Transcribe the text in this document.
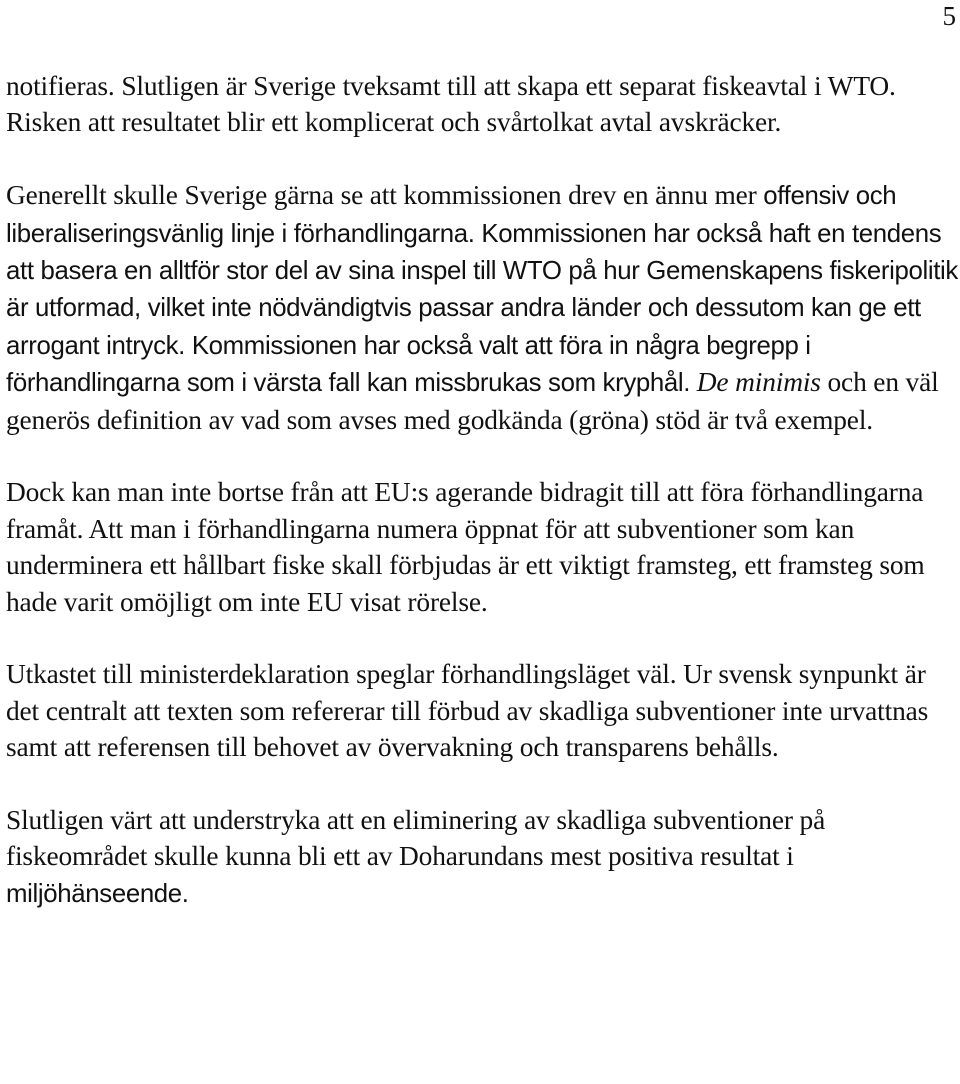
5

notifieras. Slutligen är Sverige tveksamt till att skapa ett separat fiskeavtal i WTO. Risken att resultatet blir ett komplicerat och svårtolkat avtal avskräcker.

Generellt skulle Sverige gärna se att kommissionen drev en ännu mer offensiv och liberaliseringsvänlig linje i förhandlingarna. Kommissionen har också haft en tendens att basera en alltför stor del av sina inspel till WTO på hur Gemenskapens fiskeripolitik är utformad, vilket inte nödvändigtvis passar andra länder och dessutom kan ge ett arrogant intryck. Kommissionen har också valt att föra in några begrepp i förhandlingarna som i värsta fall kan missbrukas som kryphål. De minimis och en väl generös definition av vad som avses med godkända (gröna) stöd är två exempel.

Dock kan man inte bortse från att EU:s agerande bidragit till att föra förhandlingarna framåt. Att man i förhandlingarna numera öppnat för att subventioner som kan underminera ett hållbart fiske skall förbjudas är ett viktigt framsteg, ett framsteg som hade varit omöjligt om inte EU visat rörelse.

Utkastet till ministerdeklaration speglar förhandlingsläget väl. Ur svensk synpunkt är det centralt att texten som refererar till förbud av skadliga subventioner inte urvattnas samt att referensen till behovet av övervakning och transparens behålls.

Slutligen värt att understryka att en eliminering av skadliga subventioner på fiskeområdet skulle kunna bli ett av Doharundans mest positiva resultat i miljöhänseende.
